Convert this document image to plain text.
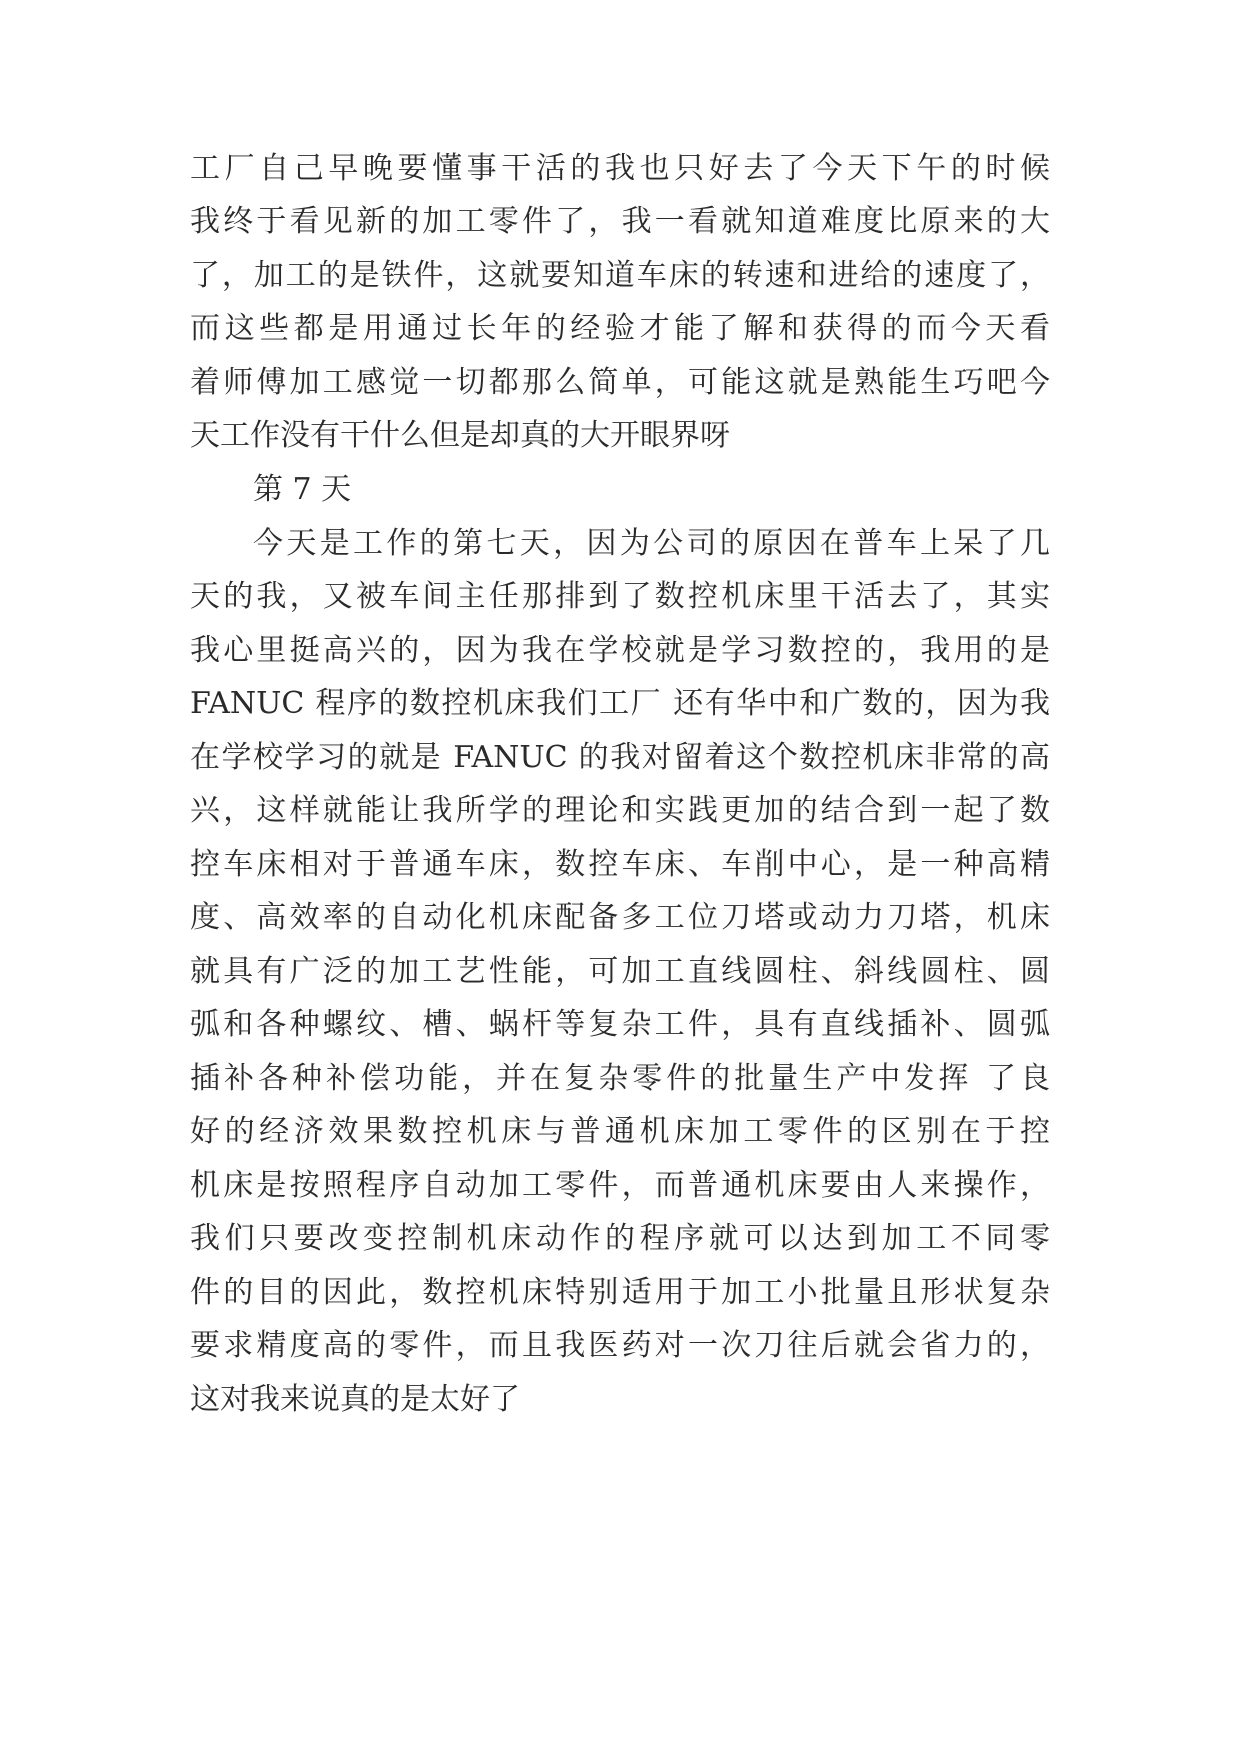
工厂自己早晚要懂事干活的我也只好去了今天下午的时候
我终于看见新的加工零件了，我一看就知道难度比原来的大
了，加工的是铁件，这就要知道车床的转速和进给的速度了，
而这些都是用通过长年的经验才能了解和获得的而今天看
着师傅加工感觉一切都那么简单，可能这就是熟能生巧吧今
天工作没有干什么但是却真的大开眼界呀
第 7 天
今天是工作的第七天，因为公司的原因在普车上呆了几
天的我，又被车间主任那排到了数控机床里干活去了，其实
我心里挺高兴的，因为我在学校就是学习数控的，我用的是
FANUC 程序的数控机床我们工厂 还有华中和广数的，因为我
在学校学习的就是 FANUC 的我对留着这个数控机床非常的高
兴，这样就能让我所学的理论和实践更加的结合到一起了数
控车床相对于普通车床，数控车床、车削中心，是一种高精
度、高效率的自动化机床配备多工位刀塔或动力刀塔，机床
就具有广泛的加工艺性能，可加工直线圆柱、斜线圆柱、圆
弧和各种螺纹、槽、蜗杆等复杂工件，具有直线插补、圆弧
插补各种补偿功能，并在复杂零件的批量生产中发挥 了良
好的经济效果数控机床与普通机床加工零件的区别在于控
机床是按照程序自动加工零件，而普通机床要由人来操作，
我们只要改变控制机床动作的程序就可以达到加工不同零
件的目的因此，数控机床特别适用于加工小批量且形状复杂
要求精度高的零件，而且我医药对一次刀往后就会省力的，
这对我来说真的是太好了
